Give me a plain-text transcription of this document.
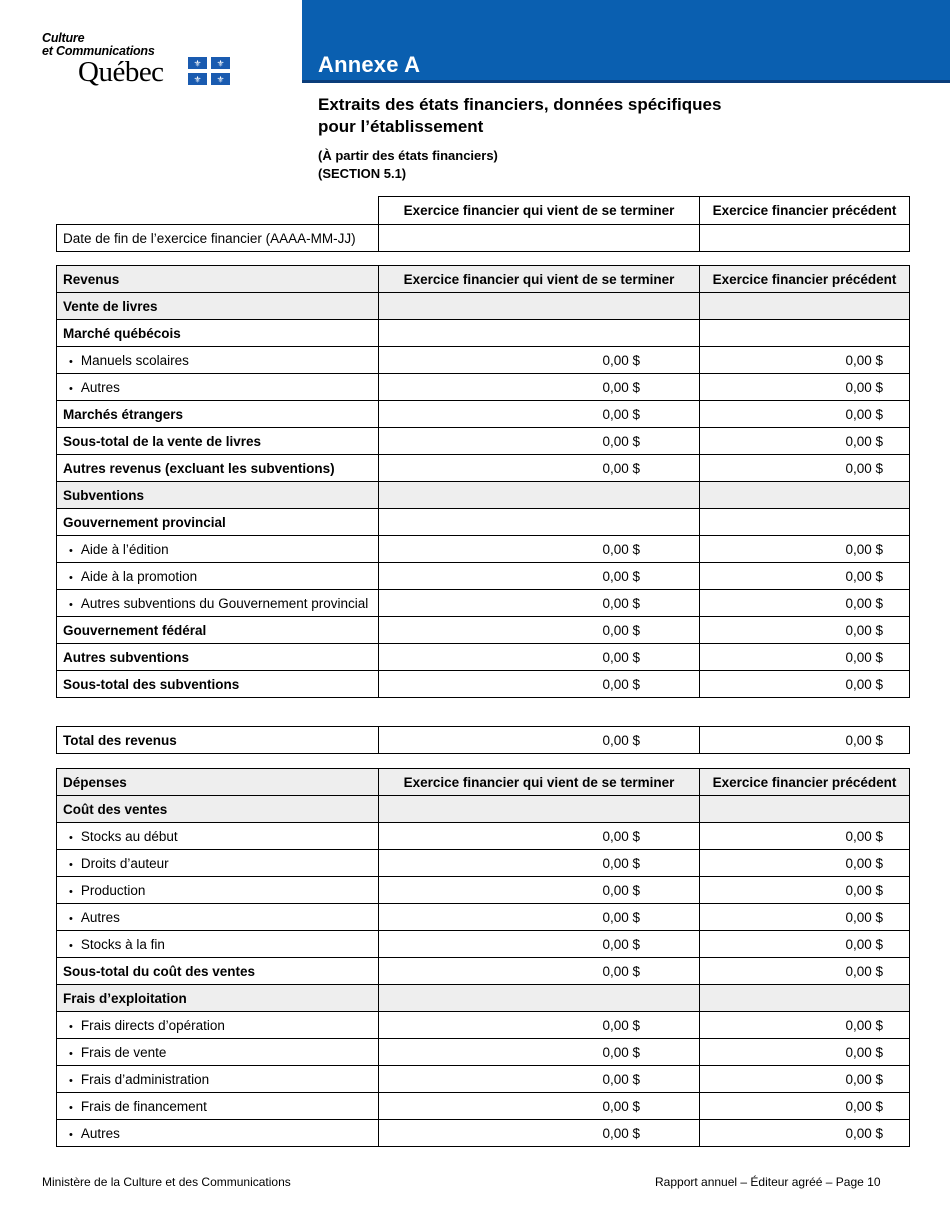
Culture
et Communications
Québec	⚜ ⚜
⚜ ⚜
Annexe A
Extraits des états financiers, données spécifiques
pour l’établissement
(À partir des états financiers)
(SECTION 5.1)
	Exercice financier qui vient de se terminer	Exercice financier précédent
Date de fin de l’exercice financier (AAAA-MM-JJ)		
Revenus	Exercice financier qui vient de se terminer	Exercice financier précédent
Vente de livres		
Marché québécois		
• Manuels scolaires	0,00 $	0,00 $
• Autres	0,00 $	0,00 $
Marchés étrangers	0,00 $	0,00 $
Sous-total de la vente de livres	0,00 $	0,00 $
Autres revenus (excluant les subventions)	0,00 $	0,00 $
Subventions		
Gouvernement provincial		
• Aide à l’édition	0,00 $	0,00 $
• Aide à la promotion	0,00 $	0,00 $
• Autres subventions du Gouvernement provincial	0,00 $	0,00 $
Gouvernement fédéral	0,00 $	0,00 $
Autres subventions	0,00 $	0,00 $
Sous-total des subventions	0,00 $	0,00 $
Total des revenus	0,00 $	0,00 $
Dépenses	Exercice financier qui vient de se terminer	Exercice financier précédent
Coût des ventes		
• Stocks au début	0,00 $	0,00 $
• Droits d’auteur	0,00 $	0,00 $
• Production	0,00 $	0,00 $
• Autres	0,00 $	0,00 $
• Stocks à la fin	0,00 $	0,00 $
Sous-total du coût des ventes	0,00 $	0,00 $
Frais d’exploitation		
• Frais directs d’opération	0,00 $	0,00 $
• Frais de vente	0,00 $	0,00 $
• Frais d’administration	0,00 $	0,00 $
• Frais de financement	0,00 $	0,00 $
• Autres	0,00 $	0,00 $
Ministère de la Culture et des Communications	Rapport annuel – Éditeur agréé – Page 10
